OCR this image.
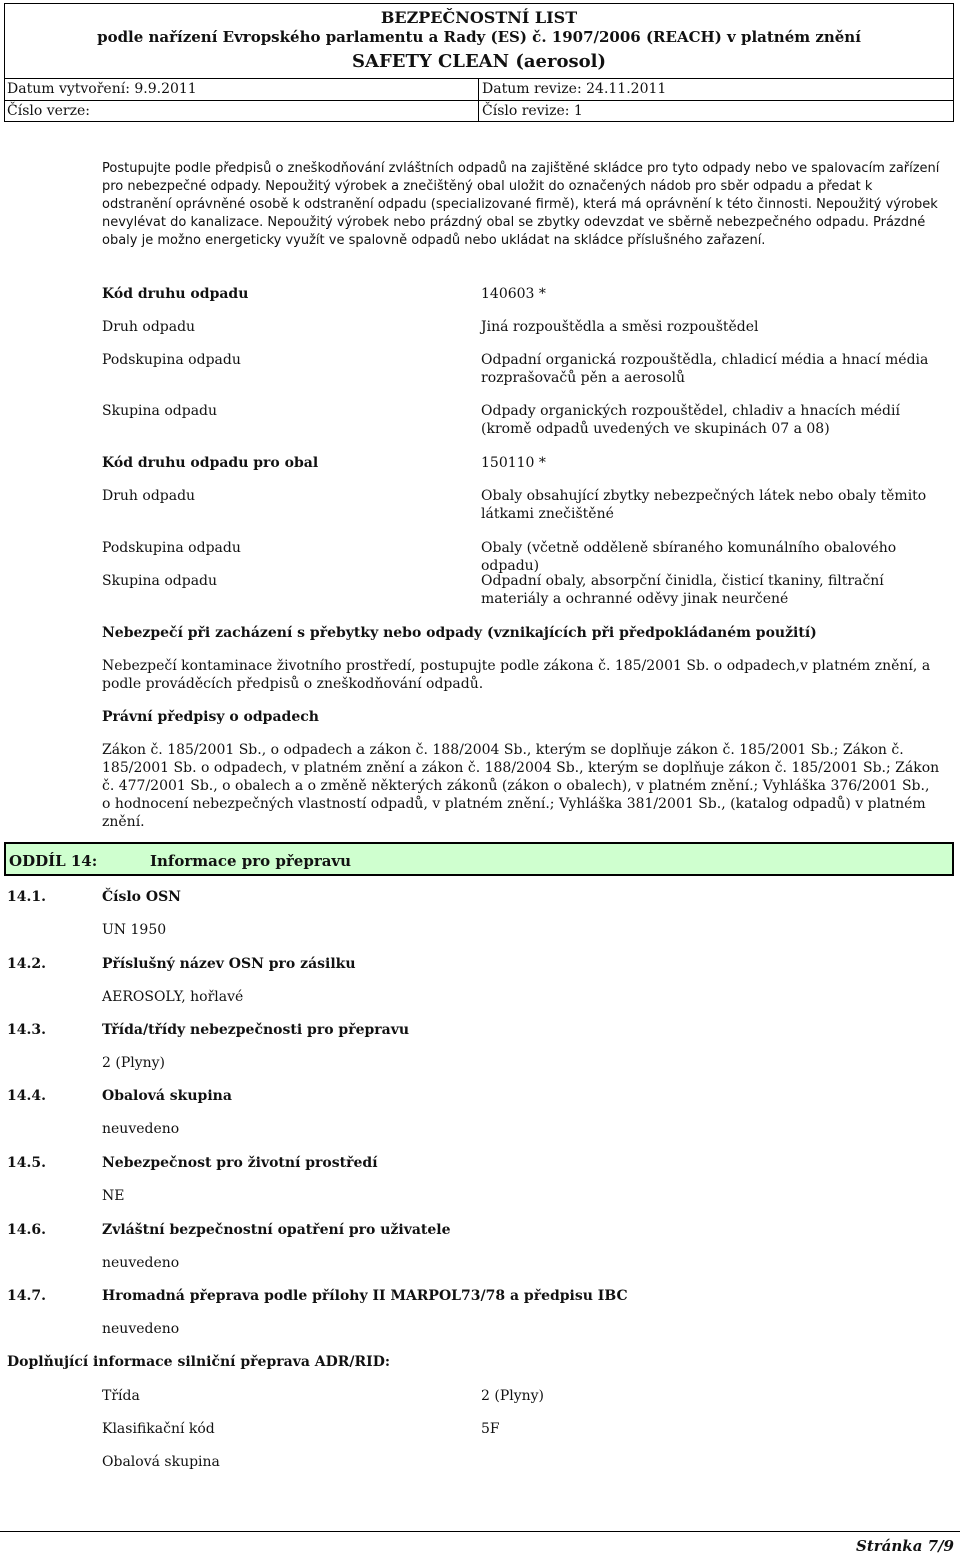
BEZPEČNOSTNÍ LIST
podle nařízení Evropského parlamentu a Rady (ES) č. 1907/2006 (REACH) v platném znění
SAFETY CLEAN (aerosol)
Datum vytvoření: 9.9.2011	Datum revize: 24.11.2011
Číslo verze:	Číslo revize: 1

Postupujte podle předpisů o zneškodňování zvláštních odpadů na zajištěné skládce pro tyto odpady nebo ve spalovacím zařízení pro nebezpečné odpady. Nepoužitý výrobek a znečištěný obal uložit do označených nádob pro sběr odpadu a předat k odstranění oprávněné osobě k odstranění odpadu (specializované firmě), která má oprávnění k této činnosti. Nepoužitý výrobek nevylévat do kanalizace. Nepoužitý výrobek nebo prázdný obal se zbytky odevzdat ve sběrně nebezpečného odpadu. Prázdné obaly je možno energeticky využít ve spalovně odpadů nebo ukládat na skládce příslušného zařazení.

Kód druhu odpadu	140603 *
Druh odpadu	Jiná rozpouštědla a směsi rozpouštědel
Podskupina odpadu	Odpadní organická rozpouštědla, chladicí média a hnací média rozprašovačů pěn a aerosolů
Skupina odpadu	Odpady organických rozpouštědel, chladiv a hnacích médií (kromě odpadů uvedených ve skupinách 07 a 08)
Kód druhu odpadu pro obal	150110 *
Druh odpadu	Obaly obsahující zbytky nebezpečných látek nebo obaly těmito látkami znečištěné
Podskupina odpadu	Obaly (včetně odděleně sbíraného komunálního obalového odpadu)
Skupina odpadu	Odpadní obaly, absorpční činidla, čisticí tkaniny, filtrační materiály a ochranné oděvy jinak neurčené
Nebezpečí při zacházení s přebytky nebo odpady (vznikajících při předpokládaném použití)

Nebezpečí kontaminace životního prostředí, postupujte podle zákona č. 185/2001 Sb. o odpadech,v platném znění, a podle prováděcích předpisů o zneškodňování odpadů.

Právní předpisy o odpadech

Zákon č. 185/2001 Sb., o odpadech a zákon č. 188/2004 Sb., kterým se doplňuje zákon č. 185/2001 Sb.; Zákon č. 185/2001 Sb. o odpadech, v platném znění a zákon č. 188/2004 Sb., kterým se doplňuje zákon č. 185/2001 Sb.; Zákon č. 477/2001 Sb., o obalech a o změně některých zákonů (zákon o obalech), v platném znění.; Vyhláška 376/2001 Sb., o hodnocení nebezpečných vlastností odpadů, v platném znění.; Vyhláška 381/2001 Sb., (katalog odpadů) v platném znění.

ODDÍL 14:	Informace pro přepravu
14.1.	Číslo OSN
UN 1950
14.2.	Příslušný název OSN pro zásilku
AEROSOLY, hořlavé
14.3.	Třída/třídy nebezpečnosti pro přepravu
2 (Plyny)
14.4.	Obalová skupina
neuvedeno
14.5.	Nebezpečnost pro životní prostředí
NE
14.6.	Zvláštní bezpečnostní opatření pro uživatele
neuvedeno
14.7.	Hromadná přeprava podle přílohy II MARPOL73/78 a předpisu IBC
neuvedeno
Doplňující informace silniční přeprava ADR/RID:
Třída	2 (Plyny)
Klasifikační kód	5F
Obalová skupina
Stránka 7/9
